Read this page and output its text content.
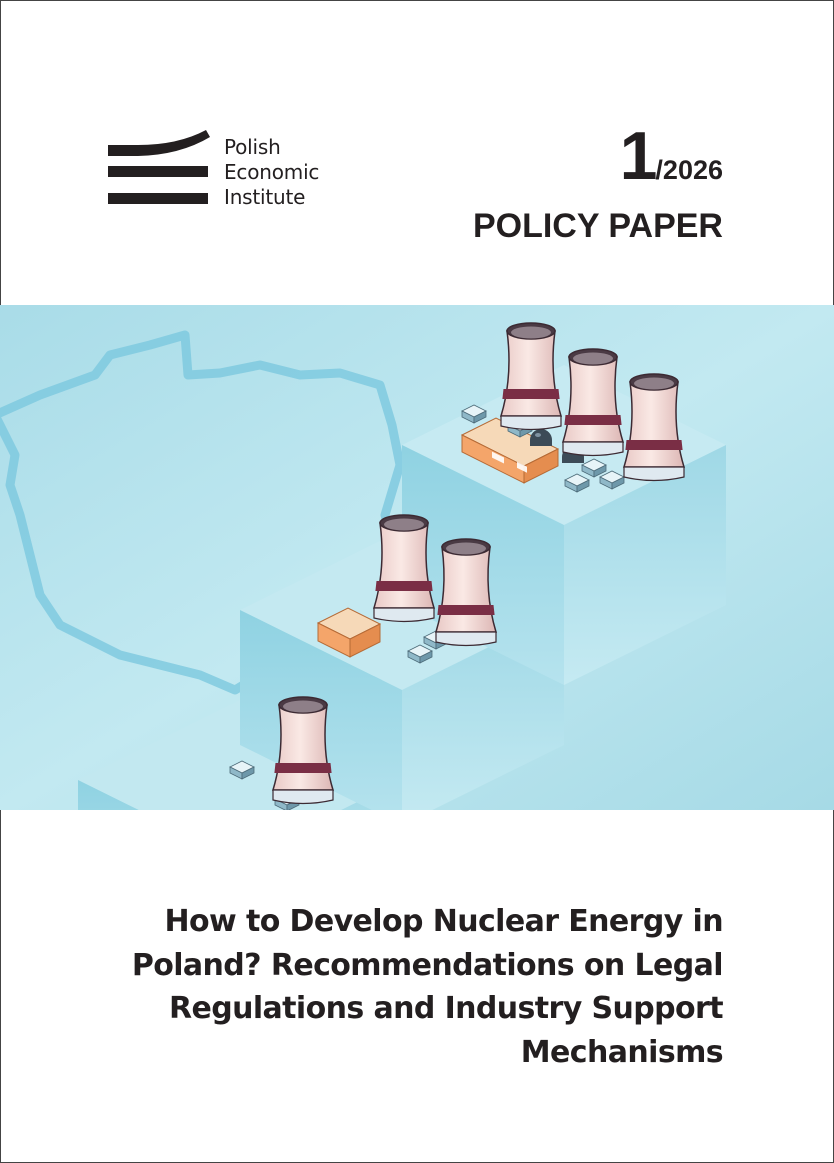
Polish
Economic
Institute
1/2026
POLICY PAPER
How to Develop Nuclear Energy in Poland? Recommendations on Legal Regulations and Industry Support Mechanisms
